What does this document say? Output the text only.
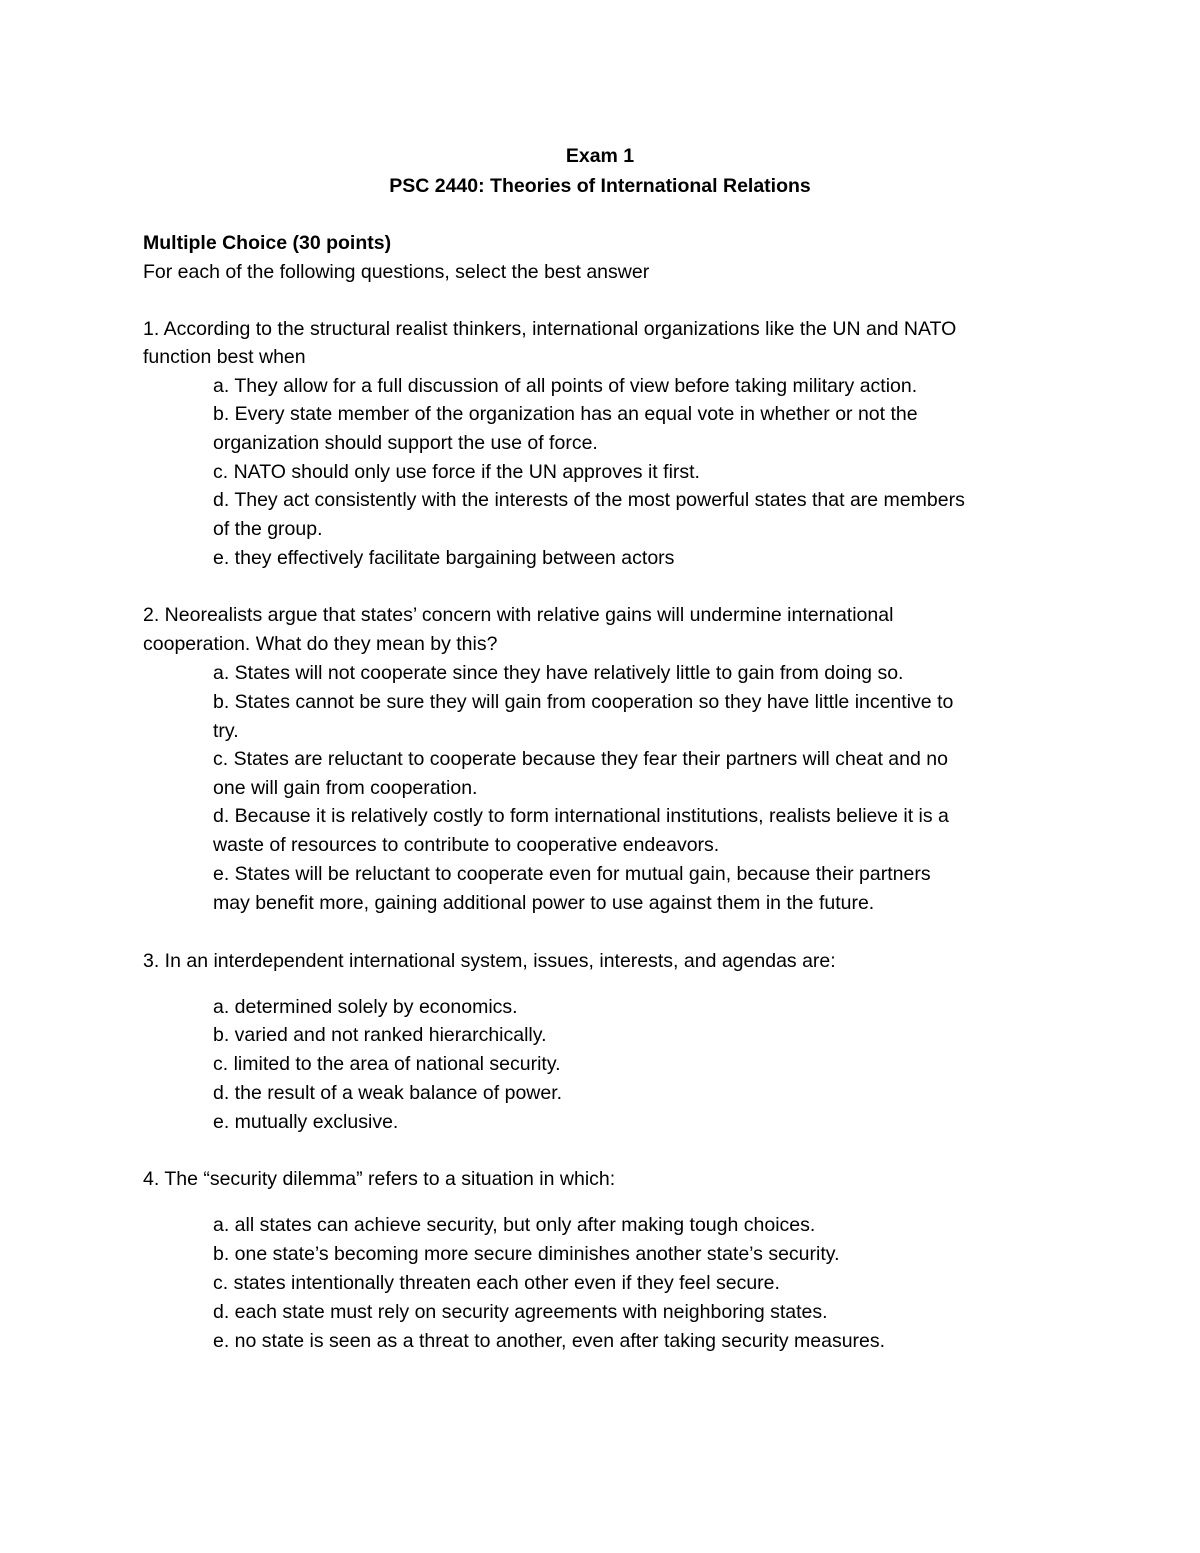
Exam 1
PSC 2440: Theories of International Relations
Multiple Choice (30 points)
For each of the following questions, select the best answer
1. According to the structural realist thinkers, international organizations like the UN and NATO
function best when
a. They allow for a full discussion of all points of view before taking military action.
b. Every state member of the organization has an equal vote in whether or not the
organization should support the use of force.
c. NATO should only use force if the UN approves it first.
d. They act consistently with the interests of the most powerful states that are members
of the group.
e. they effectively facilitate bargaining between actors
2. Neorealists argue that states’ concern with relative gains will undermine international
cooperation. What do they mean by this?
a. States will not cooperate since they have relatively little to gain from doing so.
b. States cannot be sure they will gain from cooperation so they have little incentive to
try.
c. States are reluctant to cooperate because they fear their partners will cheat and no
one will gain from cooperation.
d. Because it is relatively costly to form international institutions, realists believe it is a
waste of resources to contribute to cooperative endeavors.
e. States will be reluctant to cooperate even for mutual gain, because their partners
may benefit more, gaining additional power to use against them in the future.
3. In an interdependent international system, issues, interests, and agendas are:
a. determined solely by economics.
b. varied and not ranked hierarchically.
c. limited to the area of national security.
d. the result of a weak balance of power.
e. mutually exclusive.
4. The “security dilemma” refers to a situation in which:
a. all states can achieve security, but only after making tough choices.
b. one state’s becoming more secure diminishes another state’s security.
c. states intentionally threaten each other even if they feel secure.
d. each state must rely on security agreements with neighboring states.
e. no state is seen as a threat to another, even after taking security measures.
